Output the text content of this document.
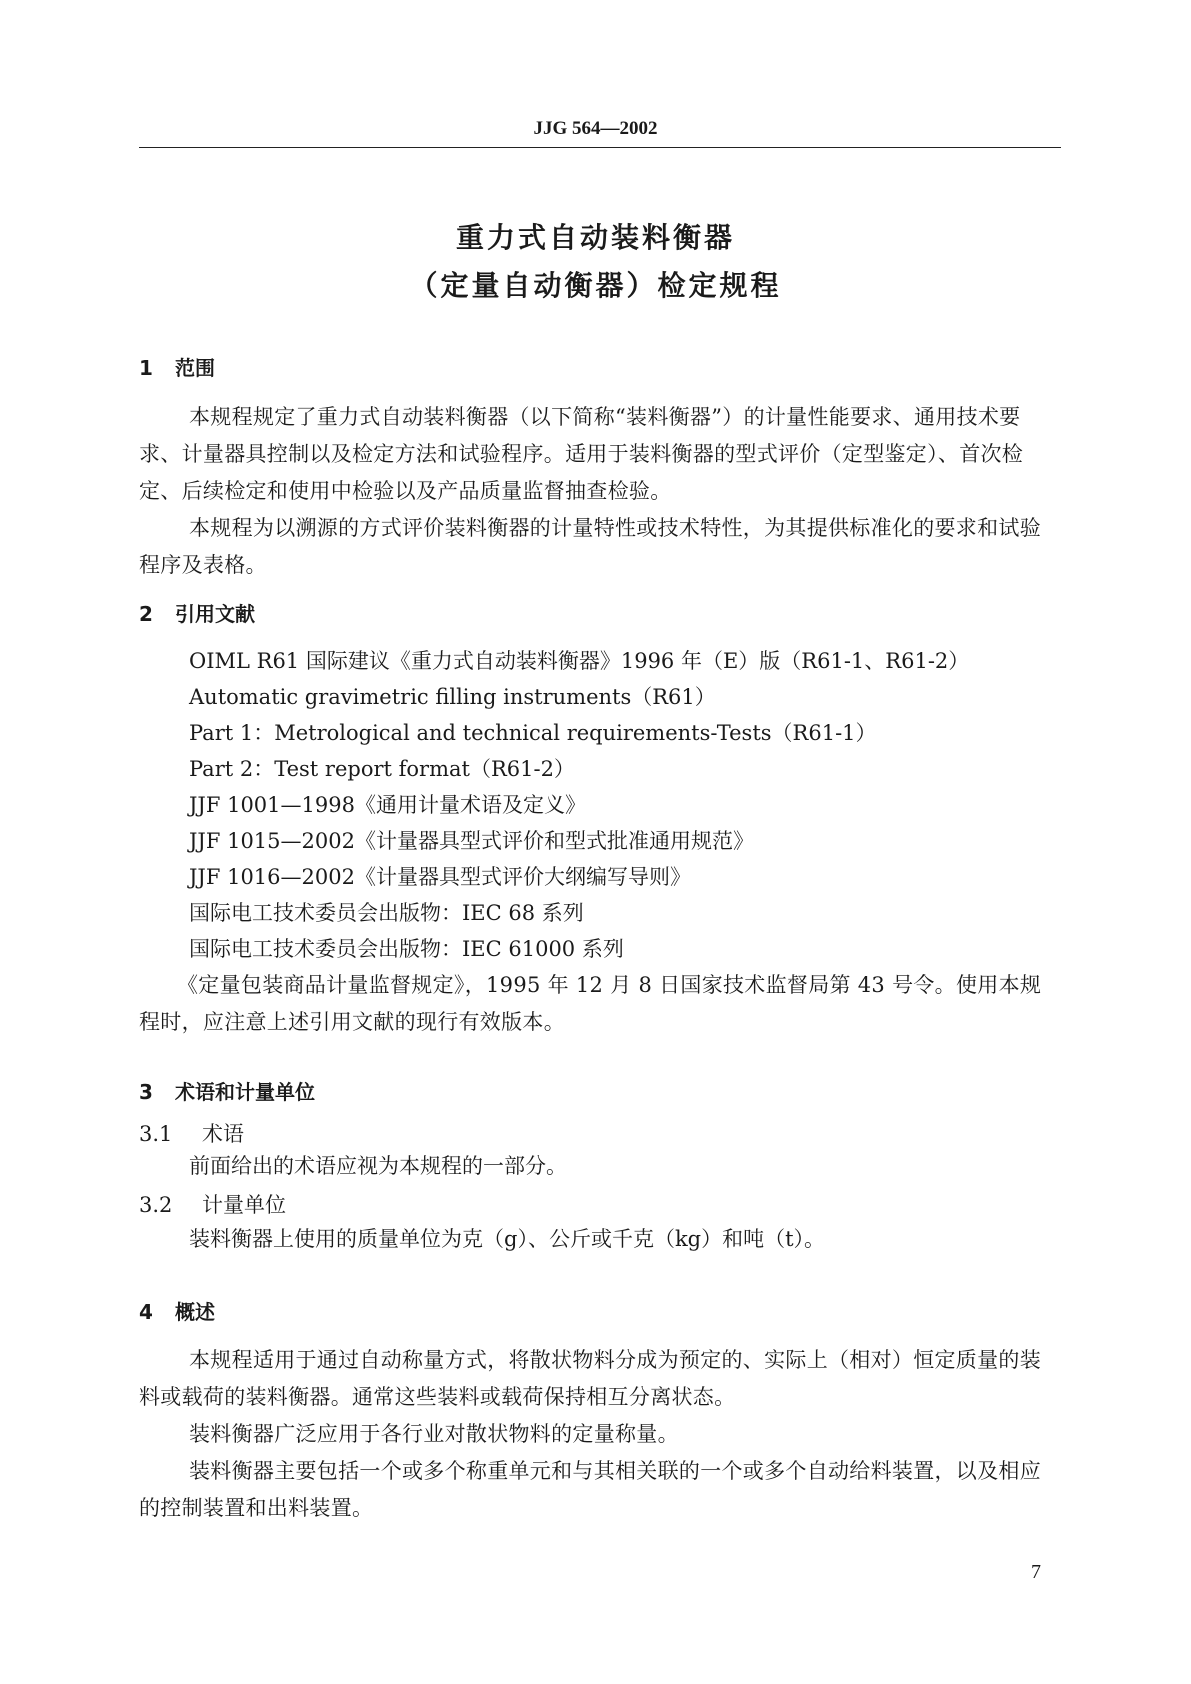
JJG 564—2002
重力式自动装料衡器
（定量自动衡器）检定规程
1 范围
本规程规定了重力式自动装料衡器（以下简称“装料衡器”）的计量性能要求、通用技术要求、计量器具控制以及检定方法和试验程序。适用于装料衡器的型式评价（定型鉴定）、首次检定、后续检定和使用中检验以及产品质量监督抽查检验。
本规程为以溯源的方式评价装料衡器的计量特性或技术特性，为其提供标准化的要求和试验程序及表格。
2 引用文献
OIML R61 国际建议《重力式自动装料衡器》1996 年（E）版（R61-1、R61-2）
Automatic gravimetric filling instruments（R61）
Part 1：Metrological and technical requirements-Tests（R61-1）
Part 2：Test report format（R61-2）
JJF 1001—1998《通用计量术语及定义》
JJF 1015—2002《计量器具型式评价和型式批准通用规范》
JJF 1016—2002《计量器具型式评价大纲编写导则》
国际电工技术委员会出版物：IEC 68 系列
国际电工技术委员会出版物：IEC 61000 系列
《定量包装商品计量监督规定》，1995 年 12 月 8 日国家技术监督局第 43 号令。使用本规程时，应注意上述引用文献的现行有效版本。
3 术语和计量单位
3.1 术语
前面给出的术语应视为本规程的一部分。
3.2 计量单位
装料衡器上使用的质量单位为克（g）、公斤或千克（kg）和吨（t）。
4 概述
本规程适用于通过自动称量方式，将散状物料分成为预定的、实际上（相对）恒定质量的装料或载荷的装料衡器。通常这些装料或载荷保持相互分离状态。
装料衡器广泛应用于各行业对散状物料的定量称量。
装料衡器主要包括一个或多个称重单元和与其相关联的一个或多个自动给料装置，以及相应的控制装置和出料装置。
7
